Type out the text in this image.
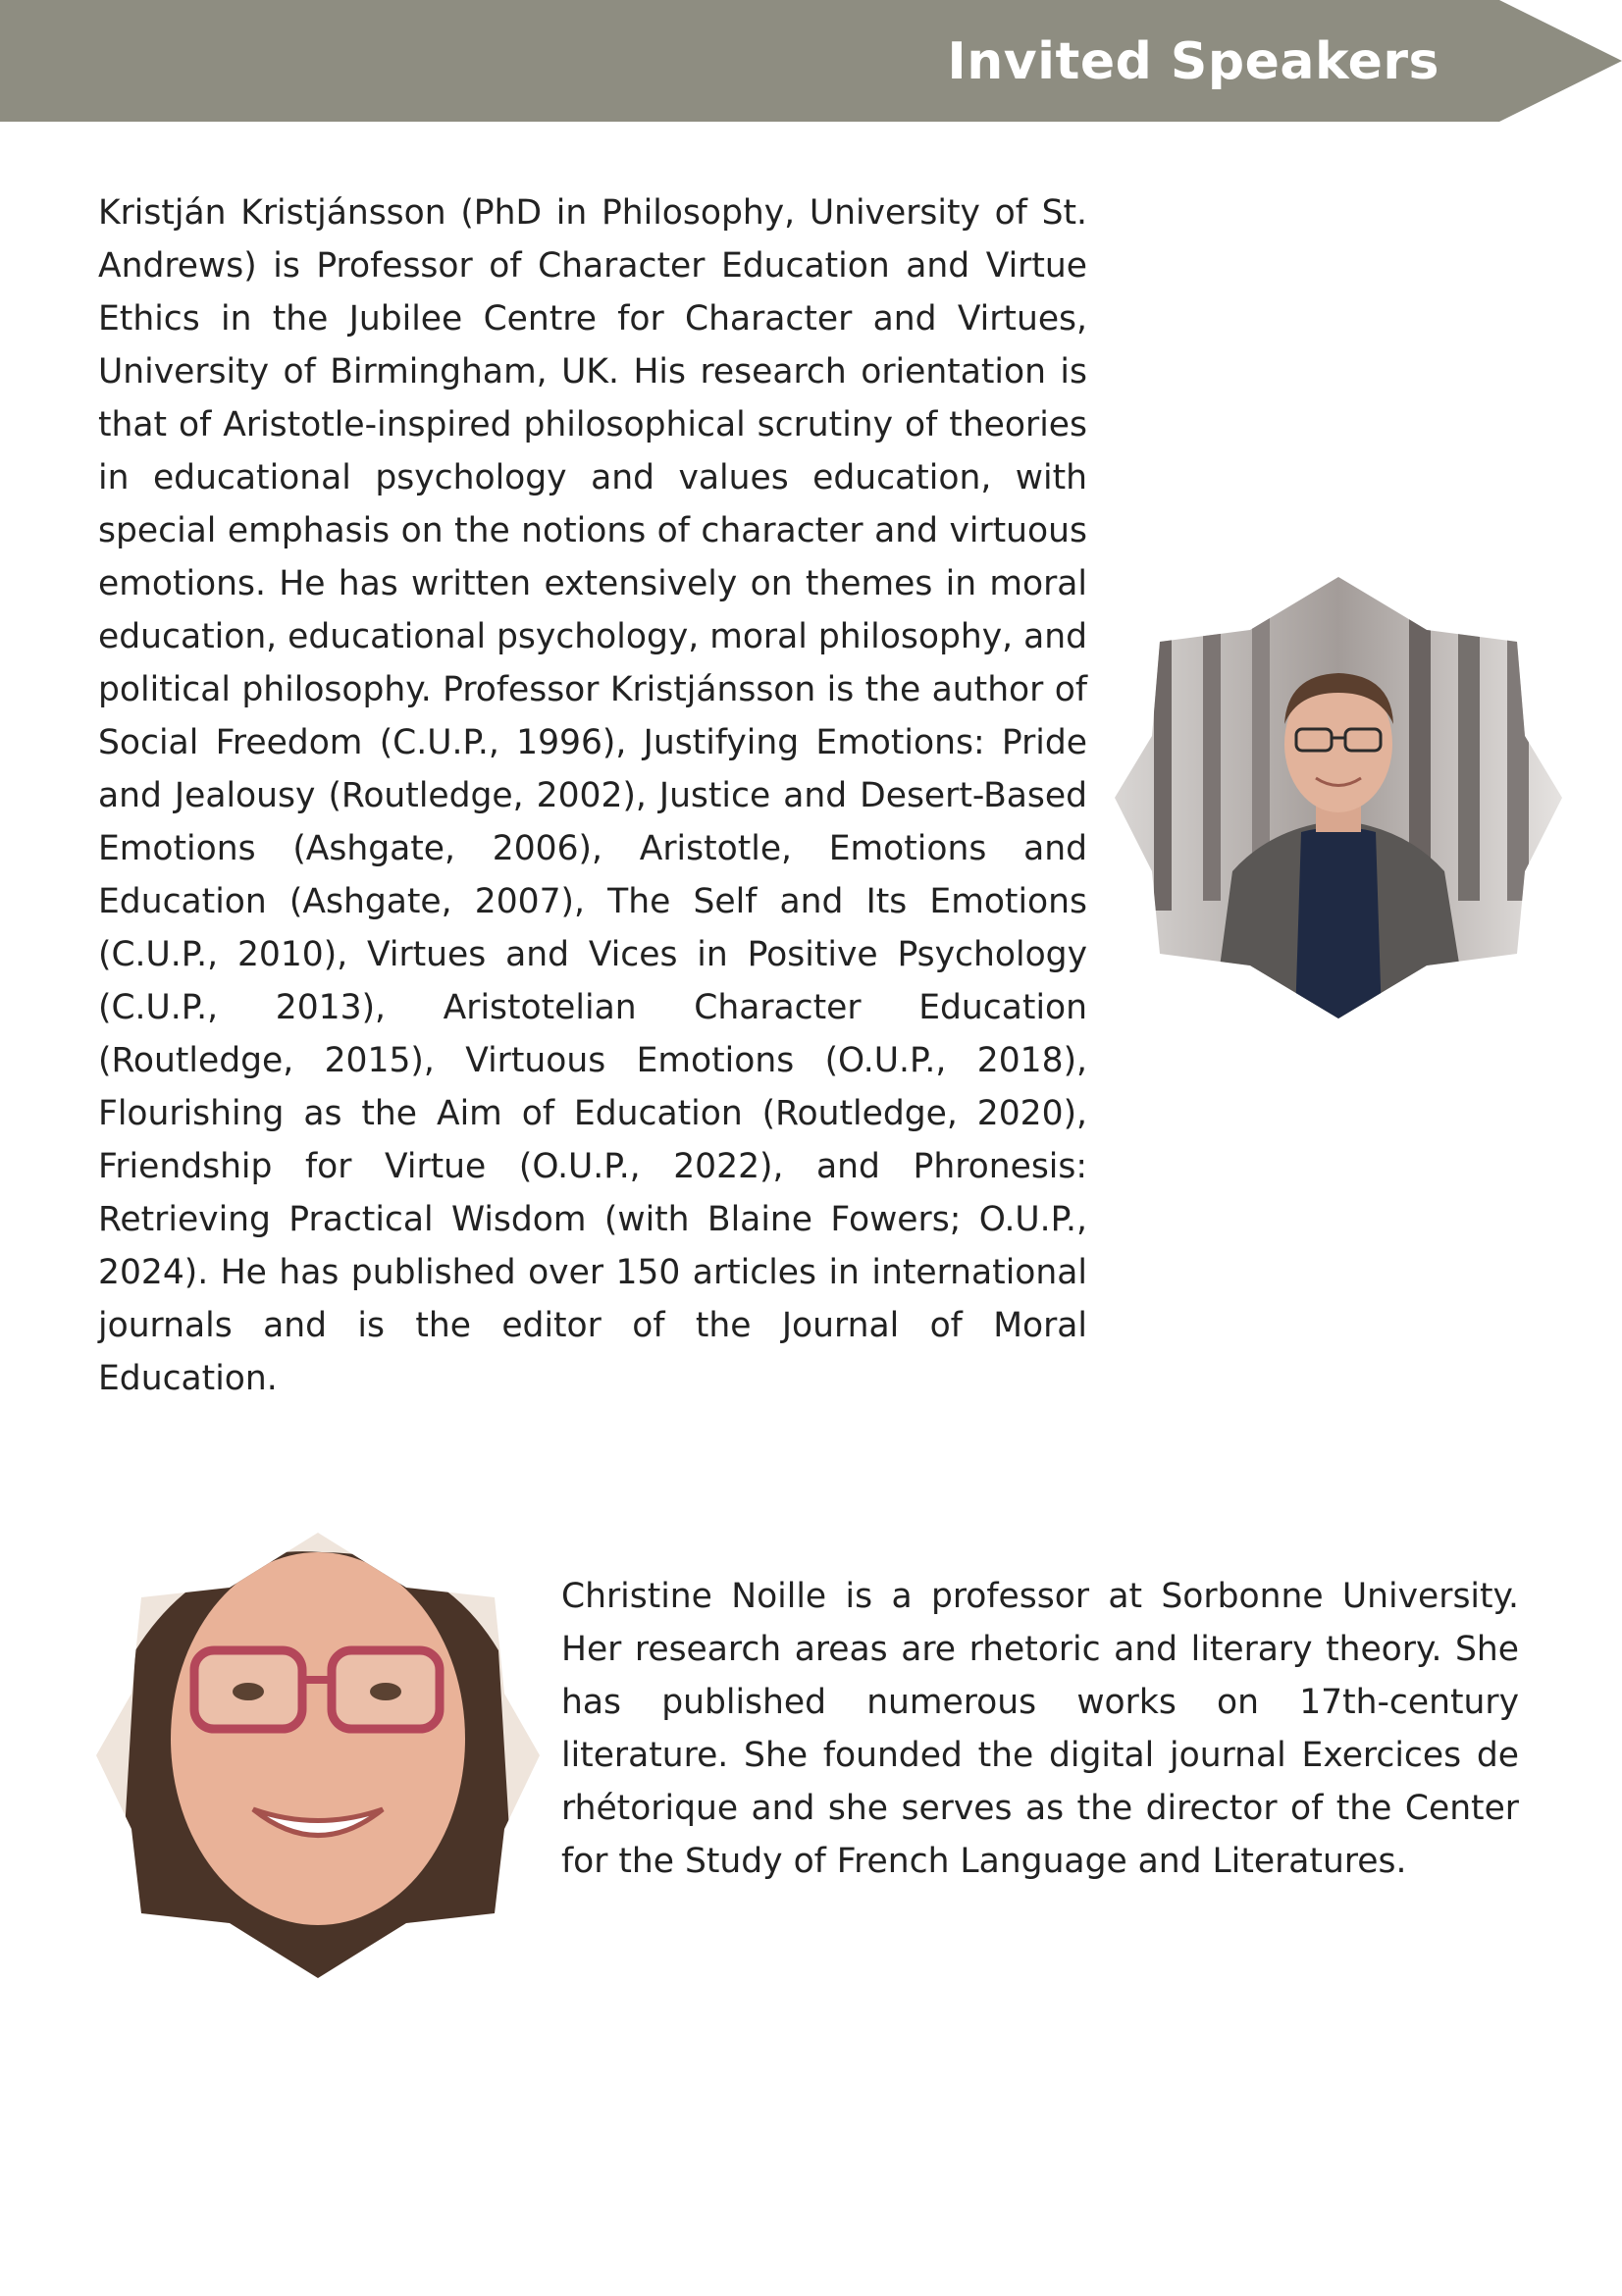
Invited Speakers

Kristján Kristjánsson (PhD in Philosophy, University of St. Andrews) is Professor of Character Education and Virtue Ethics in the Jubilee Centre for Character and Virtues, University of Birmingham, UK. His research orientation is that of Aristotle-inspired philosophical scrutiny of theories in educational psychology and values education, with special emphasis on the notions of character and virtuous emotions. He has written extensively on themes in moral education, educational psychology, moral philosophy, and political philosophy. Professor Kristjánsson is the author of Social Freedom (C.U.P., 1996), Justifying Emotions: Pride and Jealousy (Routledge, 2002), Justice and Desert-Based Emotions (Ashgate, 2006), Aristotle, Emotions and Education (Ashgate, 2007), The Self and Its Emotions (C.U.P., 2010), Virtues and Vices in Positive Psychology (C.U.P., 2013), Aristotelian Character Education (Routledge, 2015), Virtuous Emotions (O.U.P., 2018), Flourishing as the Aim of Education (Routledge, 2020), Friendship for Virtue (O.U.P., 2022), and Phronesis: Retrieving Practical Wisdom (with Blaine Fowers; O.U.P., 2024). He has published over 150 articles in international journals and is the editor of the Journal of Moral Education.

Christine Noille is a professor at Sorbonne University. Her research areas are rhetoric and literary theory. She has published numerous works on 17th-century literature. She founded the digital journal Exercices de rhétorique and she serves as the director of the Center for the Study of French Language and Literatures.
